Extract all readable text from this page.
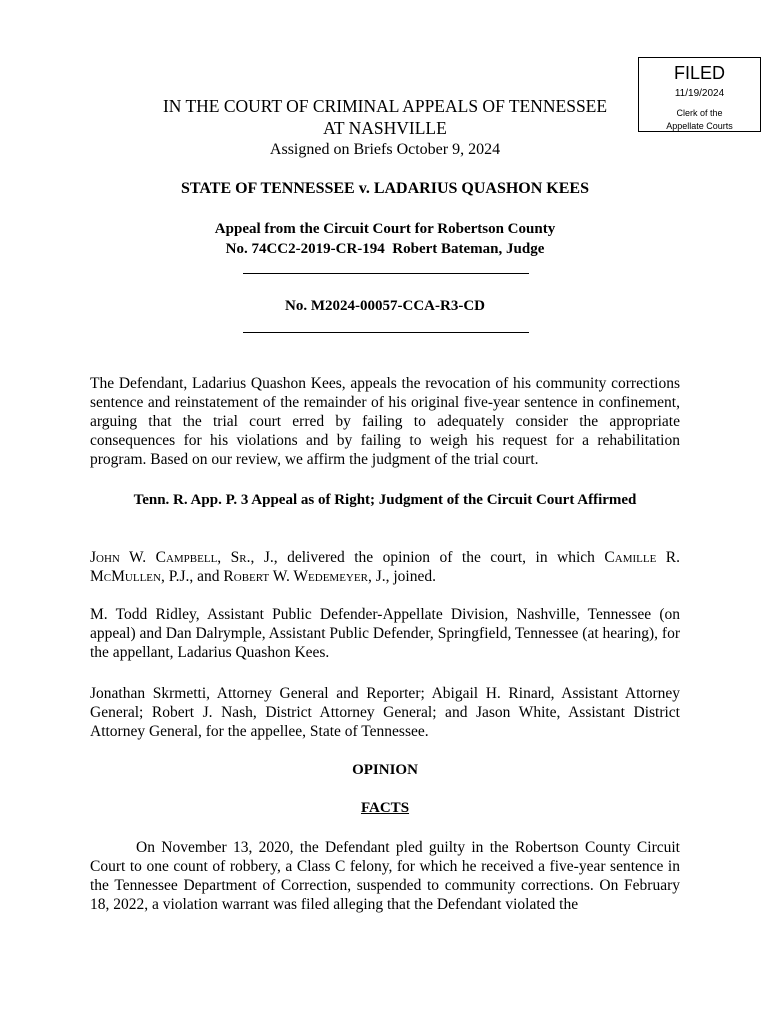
FILED
11/19/2024
Clerk of the
Appellate Courts
IN THE COURT OF CRIMINAL APPEALS OF TENNESSEE
AT NASHVILLE
Assigned on Briefs October 9, 2024
STATE OF TENNESSEE v. LADARIUS QUASHON KEES
Appeal from the Circuit Court for Robertson County
No. 74CC2-2019-CR-194  Robert Bateman, Judge
No. M2024-00057-CCA-R3-CD
The Defendant, Ladarius Quashon Kees, appeals the revocation of his community corrections sentence and reinstatement of the remainder of his original five-year sentence in confinement, arguing that the trial court erred by failing to adequately consider the appropriate consequences for his violations and by failing to weigh his request for a rehabilitation program. Based on our review, we affirm the judgment of the trial court.
Tenn. R. App. P. 3 Appeal as of Right; Judgment of the Circuit Court Affirmed
John W. Campbell, Sr., J., delivered the opinion of the court, in which Camille R. McMullen, P.J., and Robert W. Wedemeyer, J., joined.
M. Todd Ridley, Assistant Public Defender-Appellate Division, Nashville, Tennessee (on appeal) and Dan Dalrymple, Assistant Public Defender, Springfield, Tennessee (at hearing), for the appellant, Ladarius Quashon Kees.
Jonathan Skrmetti, Attorney General and Reporter; Abigail H. Rinard, Assistant Attorney General; Robert J. Nash, District Attorney General; and Jason White, Assistant District Attorney General, for the appellee, State of Tennessee.
OPINION
FACTS
On November 13, 2020, the Defendant pled guilty in the Robertson County Circuit Court to one count of robbery, a Class C felony, for which he received a five-year sentence in the Tennessee Department of Correction, suspended to community corrections. On February 18, 2022, a violation warrant was filed alleging that the Defendant violated the
